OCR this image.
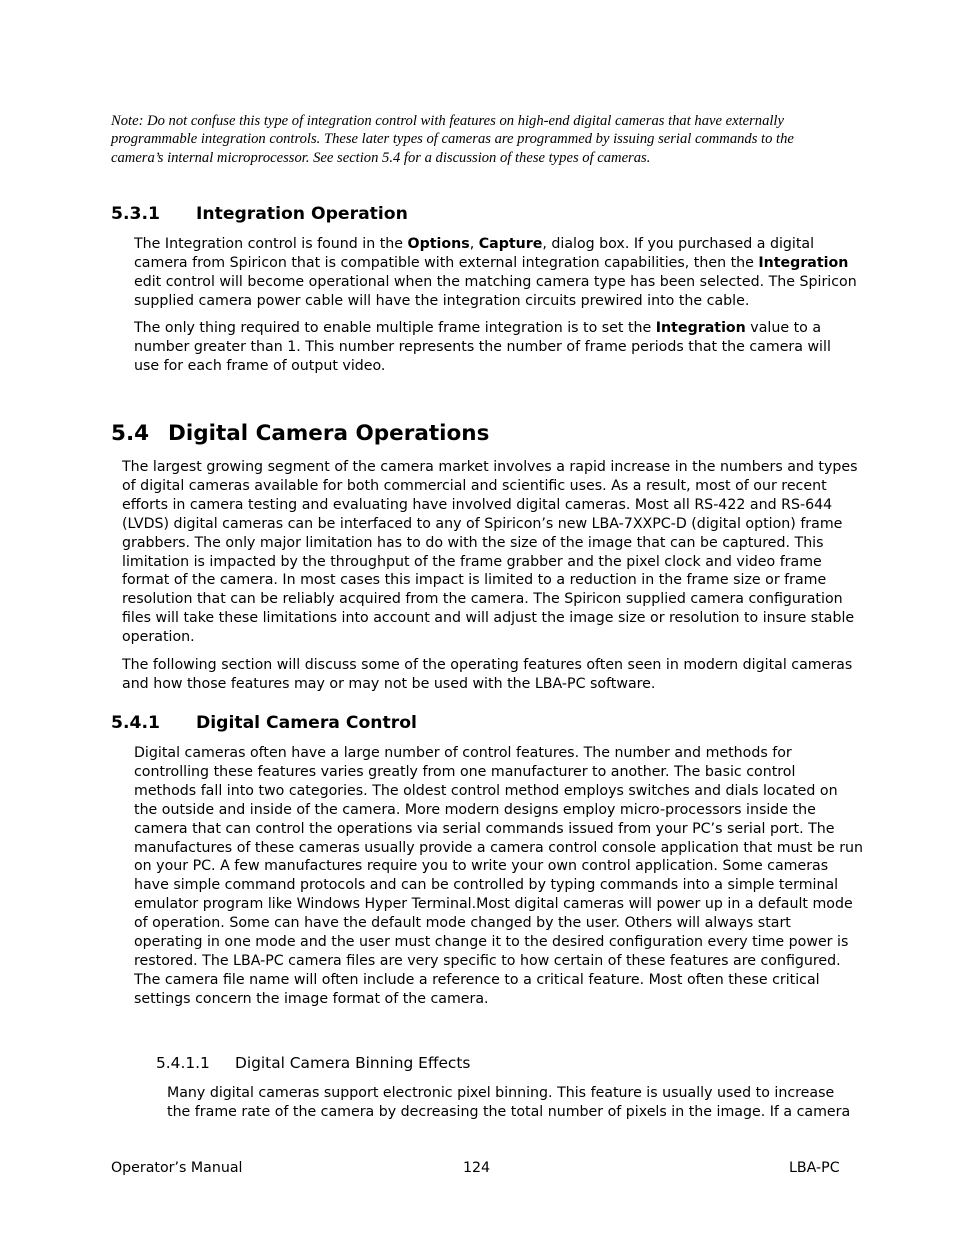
Note: Do not confuse this type of integration control with features on high-end digital cameras that have externally programmable integration controls. These later types of cameras are programmed by issuing serial commands to the camera’s internal microprocessor. See section 5.4 for a discussion of these types of cameras.

5.3.1 Integration Operation
The Integration control is found in the Options, Capture, dialog box. If you purchased a digital
camera from Spiricon that is compatible with external integration capabilities, then the Integration
edit control will become operational when the matching camera type has been selected. The Spiricon
supplied camera power cable will have the integration circuits prewired into the cable.
The only thing required to enable multiple frame integration is to set the Integration value to a
number greater than 1. This number represents the number of frame periods that the camera will
use for each frame of output video.
5.4 Digital Camera Operations
The largest growing segment of the camera market involves a rapid increase in the numbers and types
of digital cameras available for both commercial and scientific uses. As a result, most of our recent
efforts in camera testing and evaluating have involved digital cameras. Most all RS-422 and RS-644
(LVDS) digital cameras can be interfaced to any of Spiricon’s new LBA-7XXPC-D (digital option) frame
grabbers. The only major limitation has to do with the size of the image that can be captured. This
limitation is impacted by the throughput of the frame grabber and the pixel clock and video frame
format of the camera. In most cases this impact is limited to a reduction in the frame size or frame
resolution that can be reliably acquired from the camera. The Spiricon supplied camera configuration
files will take these limitations into account and will adjust the image size or resolution to insure stable
operation.
The following section will discuss some of the operating features often seen in modern digital cameras
and how those features may or may not be used with the LBA-PC software.
5.4.1 Digital Camera Control
Digital cameras often have a large number of control features. The number and methods for
controlling these features varies greatly from one manufacturer to another. The basic control
methods fall into two categories. The oldest control method employs switches and dials located on
the outside and inside of the camera. More modern designs employ micro-processors inside the
camera that can control the operations via serial commands issued from your PC’s serial port. The
manufactures of these cameras usually provide a camera control console application that must be run
on your PC. A few manufactures require you to write your own control application. Some cameras
have simple command protocols and can be controlled by typing commands into a simple terminal
emulator program like Windows Hyper Terminal.Most digital cameras will power up in a default mode
of operation. Some can have the default mode changed by the user. Others will always start
operating in one mode and the user must change it to the desired configuration every time power is
restored. The LBA-PC camera files are very specific to how certain of these features are configured.
The camera file name will often include a reference to a critical feature. Most often these critical
settings concern the image format of the camera.
5.4.1.1 Digital Camera Binning Effects
Many digital cameras support electronic pixel binning. This feature is usually used to increase
the frame rate of the camera by decreasing the total number of pixels in the image. If a camera
Operator’s Manual	124	LBA-PC
